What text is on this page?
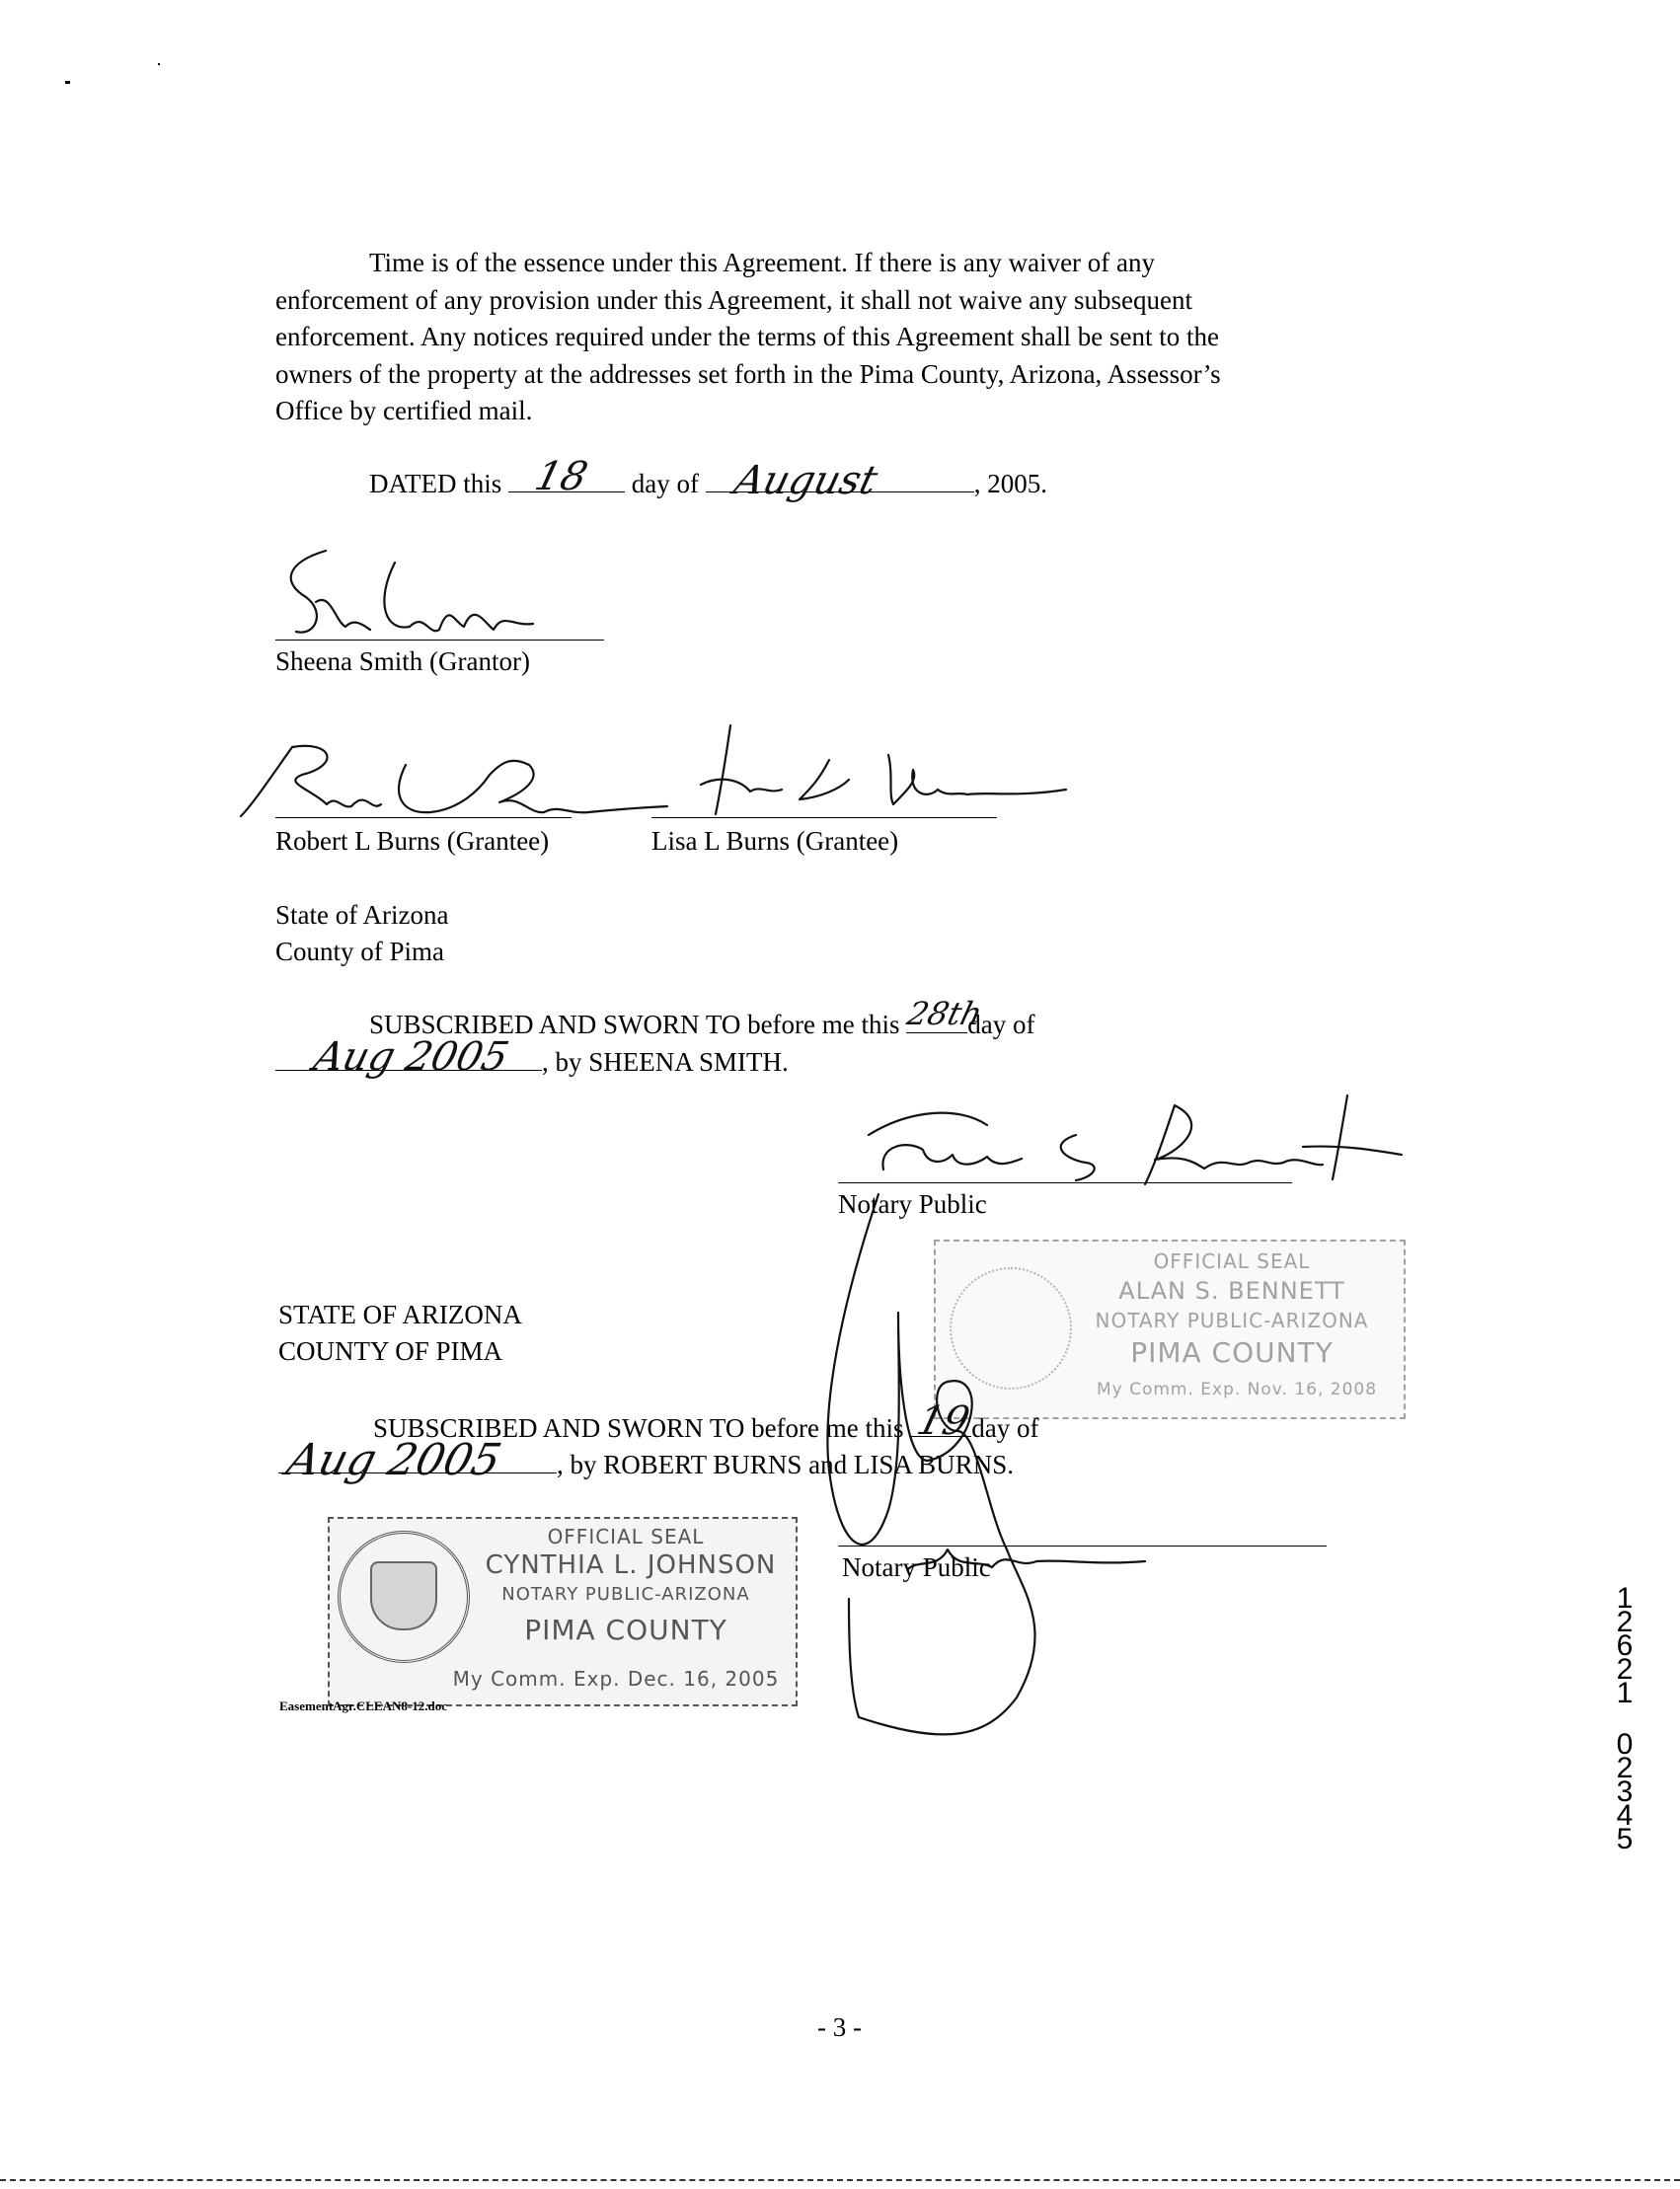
Time is of the essence under this Agreement. If there is any waiver of any
enforcement of any provision under this Agreement, it shall not waive any subsequent
enforcement. Any notices required under the terms of this Agreement shall be sent to the
owners of the property at the addresses set forth in the Pima County, Arizona, Assessor’s
Office by certified mail.
DATED this 18 day of August	, 2005.
Sheena Smith (Grantor)
Robert L Burns (Grantee)	Lisa L Burns (Grantee)
State of Arizona
County of Pima
SUBSCRIBED AND SWORN TO before me this 28th
day of
Aug 2005 , by SHEENA SMITH.
Notary Public
OFFICIAL SEAL
ALAN S. BENNETT
NOTARY PUBLIC-ARIZONA
PIMA COUNTY
My Comm. Exp. Nov. 16, 2008
STATE OF ARIZONA
COUNTY OF PIMA
SUBSCRIBED AND SWORN TO before me this 19
day of
Aug 2005 , by ROBERT BURNS and LISA BURNS.
Notary Public
OFFICIAL SEAL
CYNTHIA L. JOHNSON
NOTARY PUBLIC-ARIZONA
PIMA COUNTY
My Comm. Exp. Dec. 16, 2005
EasementAgr.CLEAN8-12.doc
1
2
6
2
1
0
2
3
4
5
- 3 -
